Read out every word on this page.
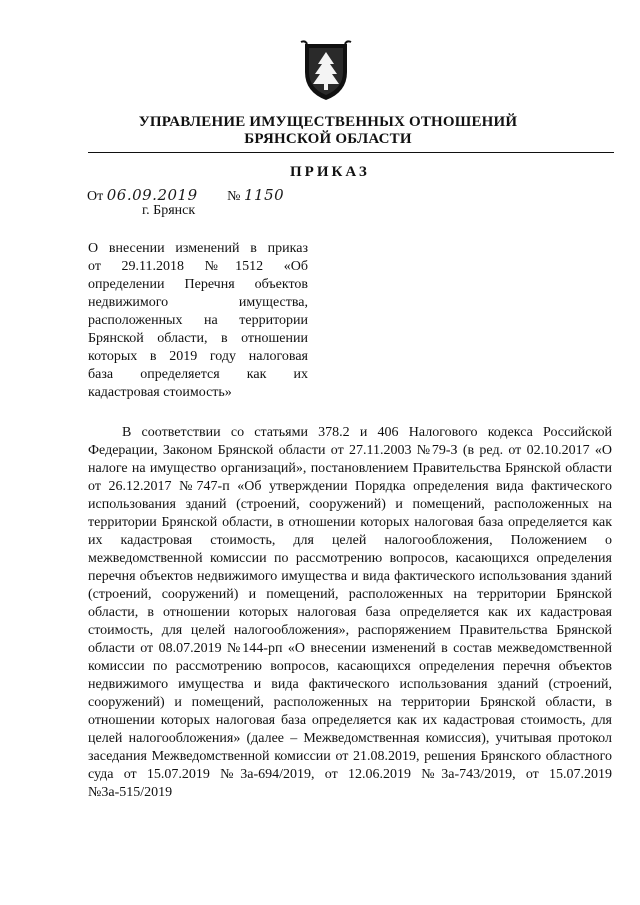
УПРАВЛЕНИЕ ИМУЩЕСТВЕННЫХ ОТНОШЕНИЙ

БРЯНСКОЙ ОБЛАСТИ

ПРИКАЗ

От 06.09.2019 № 1150
г. Брянск
О внесении изменений в приказ
от 29.11.2018 №1512 «Об
определении Перечня объектов
недвижимого имущества,
расположенных на территории
Брянской области, в отношении
которых в 2019 году налоговая
база определяется как их
кадастровая стоимость»

В соответствии со статьями 378.2 и 406 Налогового кодекса Российской Федерации, Законом Брянской области от 27.11.2003 №79-З (в ред. от 02.10.2017 «О налоге на имущество организаций», постановлением Правительства Брянской области от 26.12.2017 №747-п «Об утверждении Порядка определения вида фактического использования зданий (строений, сооружений) и помещений, расположенных на территории Брянской области, в отношении которых налоговая база определяется как их кадастровая стоимость, для целей налогообложения, Положением о межведомственной комиссии по рассмотрению вопросов, касающихся определения перечня объектов недвижимого имущества и вида фактического использования зданий (строений, сооружений) и помещений, расположенных на территории Брянской области, в отношении которых налоговая база определяется как их кадастровая стоимость, для целей налогообложения», распоряжением Правительства Брянской области от 08.07.2019 №144-рп «О внесении изменений в состав межведомственной комиссии по рассмотрению вопросов, касающихся определения перечня объектов недвижимого имущества и вида фактического использования зданий (строений, сооружений) и помещений, расположенных на территории Брянской области, в отношении которых налоговая база определяется как их кадастровая стоимость, для целей налогообложения» (далее – Межведомственная комиссия), учитывая протокол заседания Межведомственной комиссии от 21.08.2019, решения Брянского областного суда от 15.07.2019 №3а-694/2019, от 12.06.2019 №3а-743/2019, от 15.07.2019 №3а-515/2019
